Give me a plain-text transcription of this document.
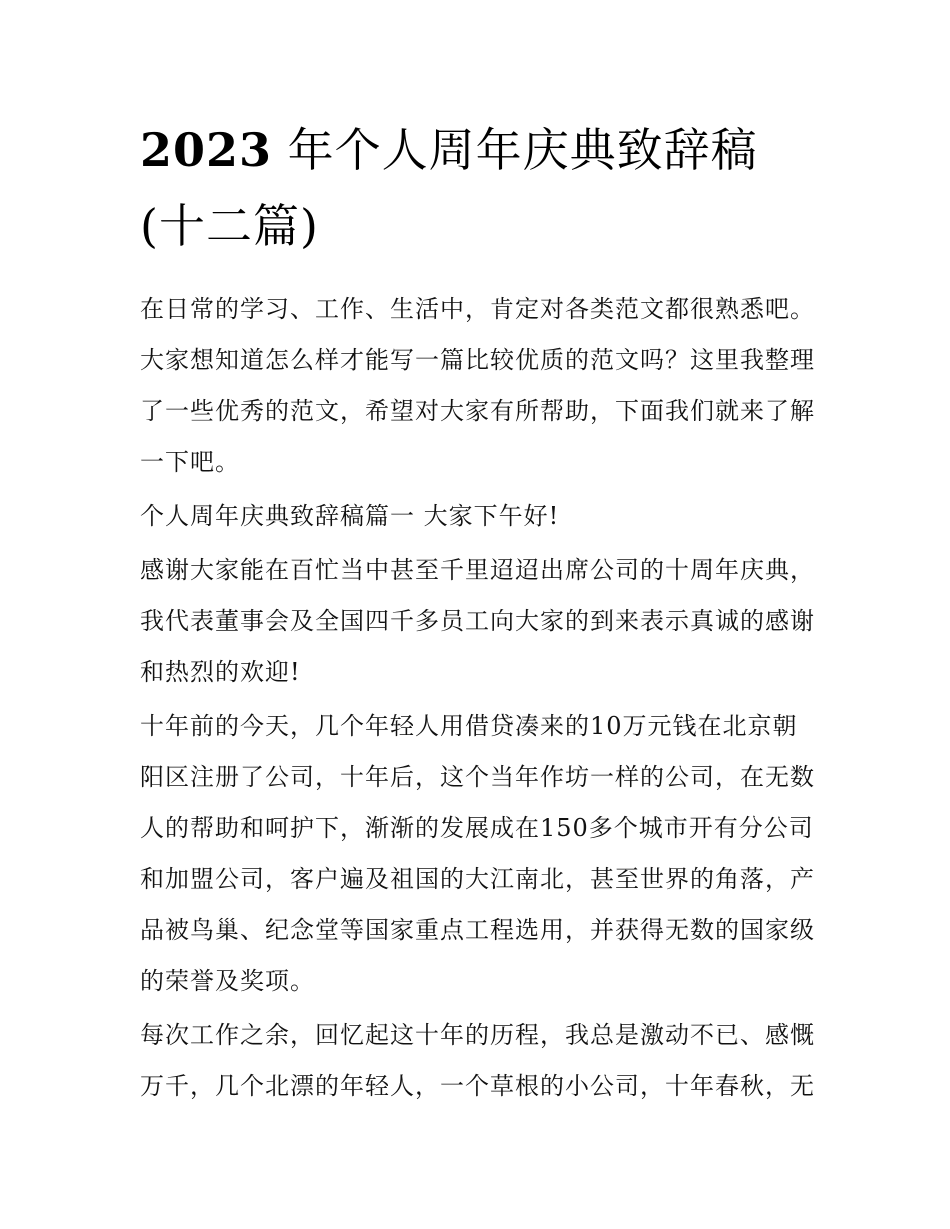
2023 年个人周年庆典致辞稿(十二篇)

在日常的学习、工作、生活中，肯定对各类范文都很熟悉吧。大家想知道怎么样才能写一篇比较优质的范文吗？这里我整理了一些优秀的范文，希望对大家有所帮助，下面我们就来了解一下吧。

个人周年庆典致辞稿篇一 大家下午好!

感谢大家能在百忙当中甚至千里迢迢出席公司的十周年庆典，我代表董事会及全国四千多员工向大家的到来表示真诚的感谢和热烈的欢迎!

十年前的今天，几个年轻人用借贷凑来的10万元钱在北京朝阳区注册了公司，十年后，这个当年作坊一样的公司，在无数人的帮助和呵护下，渐渐的发展成在150多个城市开有分公司和加盟公司，客户遍及祖国的大江南北，甚至世界的角落，产品被鸟巢、纪念堂等国家重点工程选用，并获得无数的国家级的荣誉及奖项。

每次工作之余，回忆起这十年的历程，我总是激动不已、感慨万千，几个北漂的年轻人，一个草根的小公司，十年春秋，无
